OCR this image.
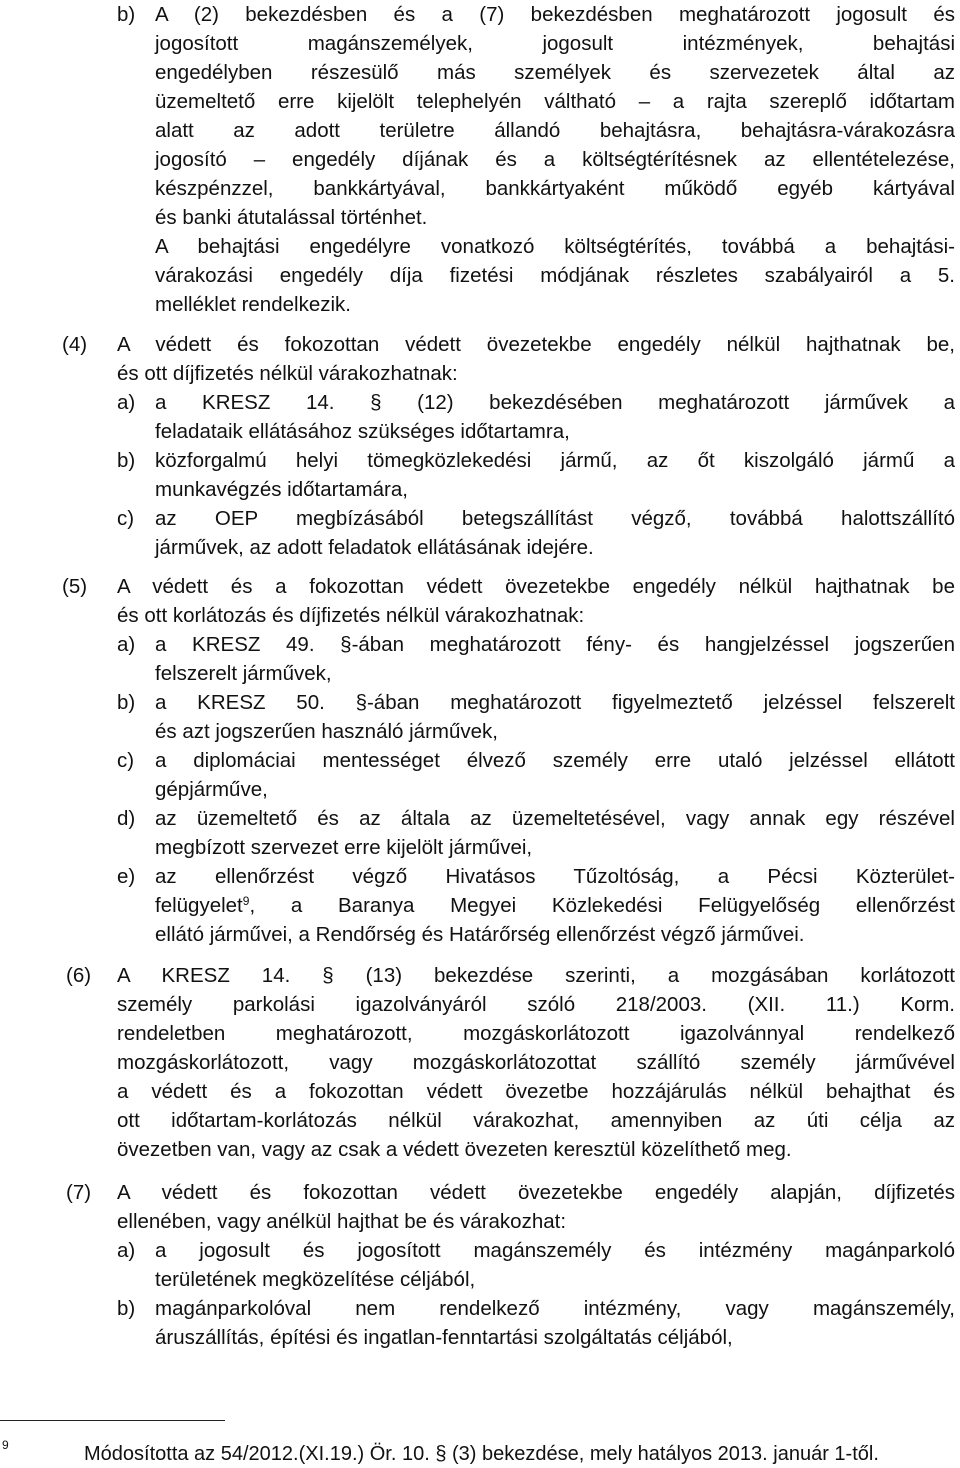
b) A (2) bekezdésben és a (7) bekezdésben meghatározott jogosult és
jogosított magánszemélyek, jogosult intézmények, behajtási
engedélyben részesülő más személyek és szervezetek által az
üzemeltető erre kijelölt telephelyén váltható – a rajta szereplő időtartam
alatt az adott területre állandó behajtásra, behajtásra-várakozásra
jogosító – engedély díjának és a költségtérítésnek az ellentételezése,
készpénzzel, bankkártyával, bankkártyaként működő egyéb kártyával
és banki átutalással történhet.
A behajtási engedélyre vonatkozó költségtérítés, továbbá a behajtási-
várakozási engedély díja fizetési módjának részletes szabályairól a 5.
melléklet rendelkezik.
(4) A védett és fokozottan védett övezetekbe engedély nélkül hajthatnak be,
és ott díjfizetés nélkül várakozhatnak:
a) a KRESZ 14. § (12) bekezdésében meghatározott járművek a
feladataik ellátásához szükséges időtartamra,
b) közforgalmú helyi tömegközlekedési jármű, az őt kiszolgáló jármű a
munkavégzés időtartamára,
c) az OEP megbízásából betegszállítást végző, továbbá halottszállító
járművek, az adott feladatok ellátásának idejére.
(5) A védett és a fokozottan védett övezetekbe engedély nélkül hajthatnak be
és ott korlátozás és díjfizetés nélkül várakozhatnak:
a) a KRESZ 49. §-ában meghatározott fény- és hangjelzéssel jogszerűen
felszerelt járművek,
b) a KRESZ 50. §-ában meghatározott figyelmeztető jelzéssel felszerelt
és azt jogszerűen használó járművek,
c) a diplomáciai mentességet élvező személy erre utaló jelzéssel ellátott
gépjárműve,
d) az üzemeltető és az általa az üzemeltetésével, vagy annak egy részével
megbízott szervezet erre kijelölt járművei,
e) az ellenőrzést végző Hivatásos Tűzoltóság, a Pécsi Közterület-
felügyelet$^9$, a Baranya Megyei Közlekedési Felügyelőség ellenőrzést
ellátó járművei, a Rendőrség és Határőrség ellenőrzést végző járművei.
(6) A KRESZ 14. § (13) bekezdése szerinti, a mozgásában korlátozott
személy parkolási igazolványáról szóló 218/2003. (XII. 11.) Korm.
rendeletben meghatározott, mozgáskorlátozott igazolvánnyal rendelkező
mozgáskorlátozott, vagy mozgáskorlátozottat szállító személy járművével
a védett és a fokozottan védett övezetbe hozzájárulás nélkül behajthat és
ott időtartam-korlátozás nélkül várakozhat, amennyiben az úti célja az
övezetben van, vagy az csak a védett övezeten keresztül közelíthető meg.
(7) A védett és fokozottan védett övezetekbe engedély alapján, díjfizetés
ellenében, vagy anélkül hajthat be és várakozhat:
a) a jogosult és jogosított magánszemély és intézmény magánparkoló
területének megközelítése céljából,
b) magánparkolóval nem rendelkező intézmény, vagy magánszemély,
áruszállítás, építési és ingatlan-fenntartási szolgáltatás céljából,
9	Módosította az 54/2012.(XI.19.) Ör. 10. § (3) bekezdése, mely hatályos 2013. január 1-től.
